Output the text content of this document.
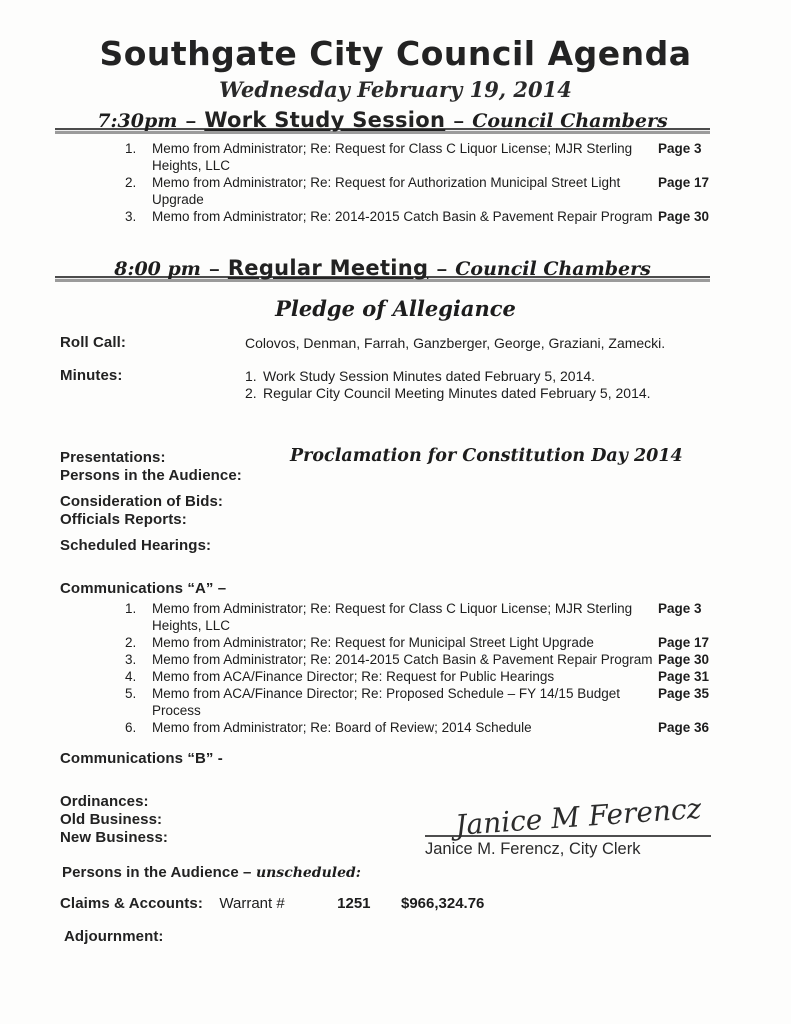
Southgate City Council Agenda
Wednesday February 19, 2014
7:30pm – Work Study Session – Council Chambers
1.	Memo from Administrator; Re: Request for Class C Liquor License; MJR Sterling Heights, LLC
Page 3
2.	Memo from Administrator; Re: Request for Authorization Municipal Street Light Upgrade
Page 17
3.	Memo from Administrator; Re: 2014-2015 Catch Basin & Pavement Repair Program Page 30
8:00 pm – Regular Meeting – Council Chambers
Pledge of Allegiance
Roll Call:	Colovos, Denman, Farrah, Ganzberger, George, Graziani, Zamecki.
Minutes:	1. Work Study Session Minutes dated February 5, 2014.
2. Regular City Council Meeting Minutes dated February 5, 2014.
Presentations:	Proclamation for Constitution Day 2014
Persons in the Audience:
Consideration of Bids:
Officials Reports:
Scheduled Hearings:
Communications “A” –
1.	Memo from Administrator; Re: Request for Class C Liquor License; MJR Sterling Heights, LLC
Page 3
2.	Memo from Administrator; Re: Request for Municipal Street Light Upgrade	Page 17
3.	Memo from Administrator; Re: 2014-2015 Catch Basin & Pavement Repair Program Page 30
4.	Memo from ACA/Finance Director; Re: Request for Public Hearings	Page 31
5.	Memo from ACA/Finance Director; Re: Proposed Schedule – FY 14/15 Budget Process
Page 35
6.	Memo from Administrator; Re: Board of Review; 2014 Schedule	Page 36
Communications “B” -
Ordinances:
Old Business:
New Business:
Persons in the Audience – unscheduled:
Claims & Accounts: Warrant #	1251 $966,324.76
Adjournment:
Janice M Ferencz
Janice M. Ferencz, City Clerk
